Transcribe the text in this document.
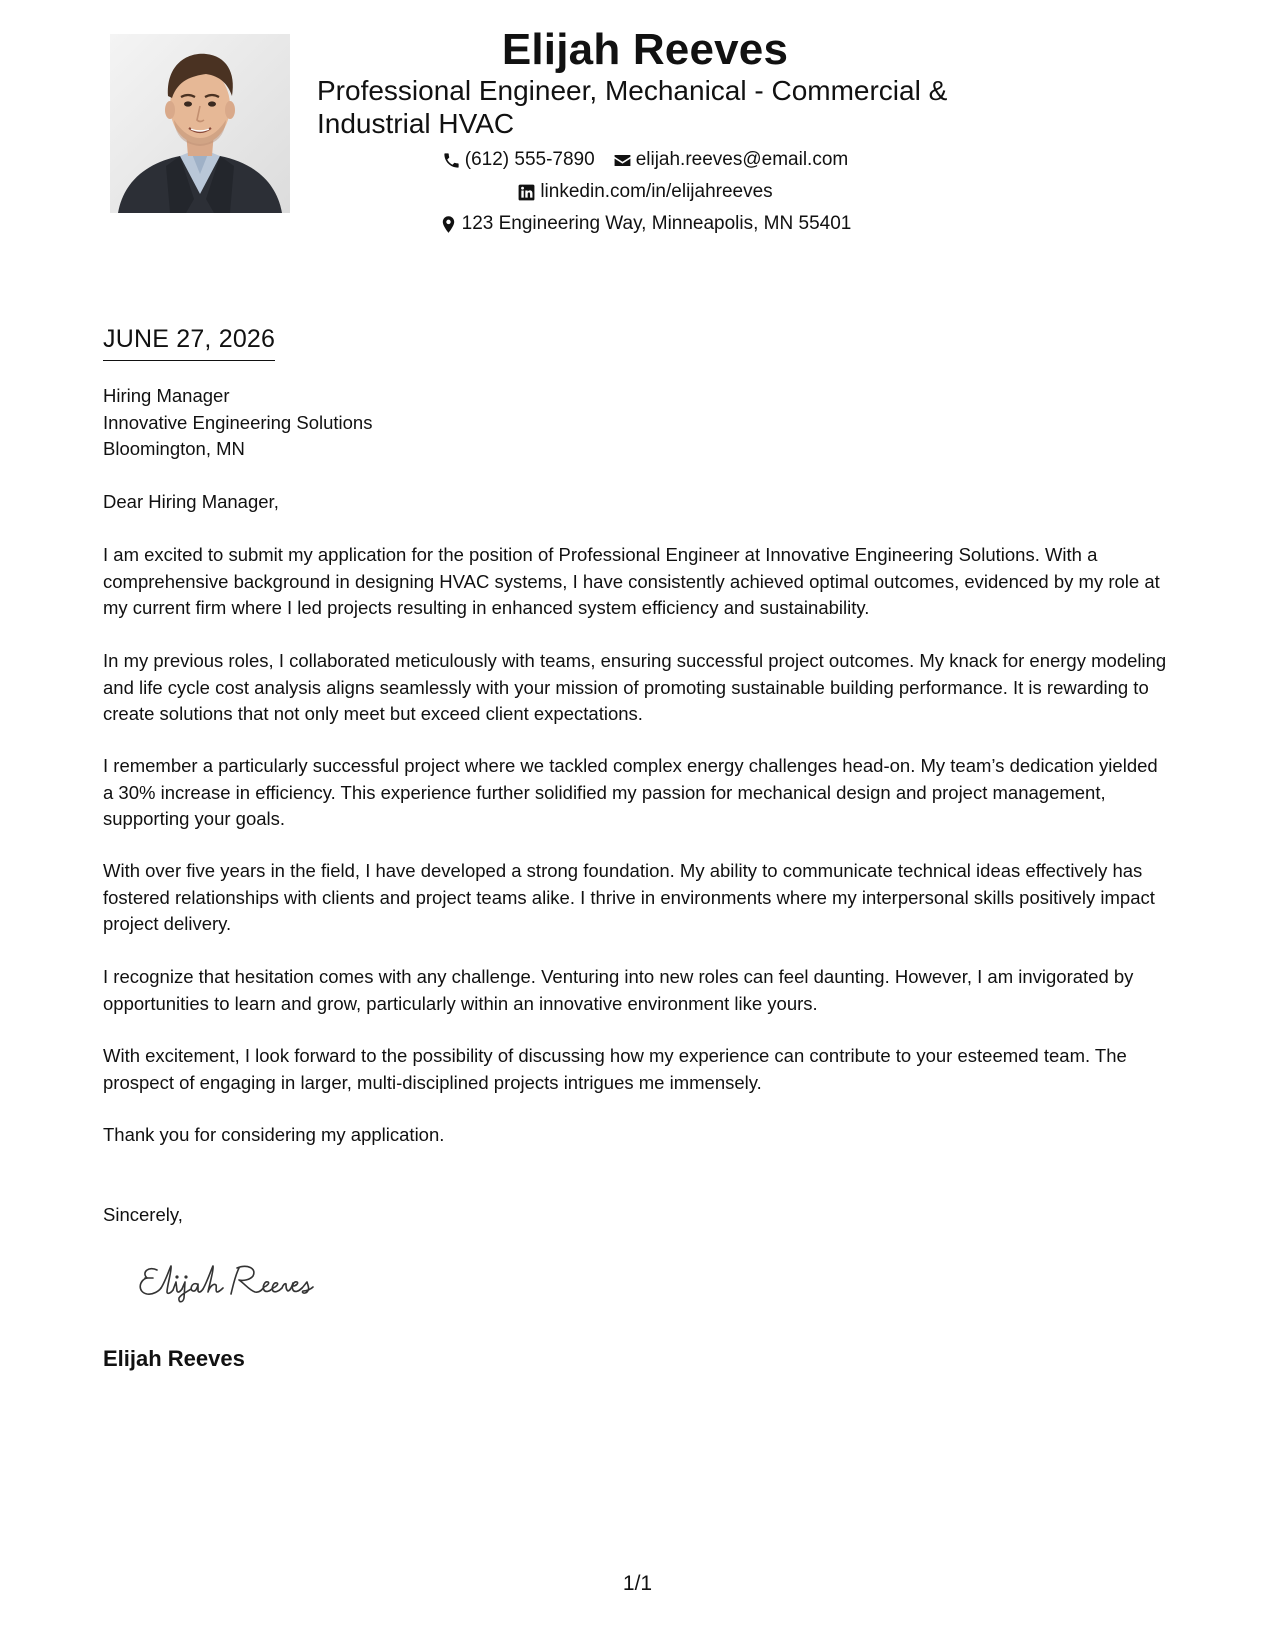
Elijah Reeves
Professional Engineer, Mechanical - Commercial & Industrial HVAC
(612) 555-7890 elijah.reeves@email.com
linkedin.com/in/elijahreeves
123 Engineering Way, Minneapolis, MN 55401
JUNE 27, 2026
Hiring Manager
Innovative Engineering Solutions
Bloomington, MN

Dear Hiring Manager,

I am excited to submit my application for the position of Professional Engineer at Innovative Engineering Solutions. With a comprehensive background in designing HVAC systems, I have consistently achieved optimal outcomes, evidenced by my role at my current firm where I led projects resulting in enhanced system efficiency and sustainability.

In my previous roles, I collaborated meticulously with teams, ensuring successful project outcomes. My knack for energy modeling and life cycle cost analysis aligns seamlessly with your mission of promoting sustainable building performance. It is rewarding to create solutions that not only meet but exceed client expectations.

I remember a particularly successful project where we tackled complex energy challenges head-on. My team’s dedication yielded a 30% increase in efficiency. This experience further solidified my passion for mechanical design and project management, supporting your goals.

With over five years in the field, I have developed a strong foundation. My ability to communicate technical ideas effectively has fostered relationships with clients and project teams alike. I thrive in environments where my interpersonal skills positively impact project delivery.

I recognize that hesitation comes with any challenge. Venturing into new roles can feel daunting. However, I am invigorated by opportunities to learn and grow, particularly within an innovative environment like yours.

With excitement, I look forward to the possibility of discussing how my experience can contribute to your esteemed team. The prospect of engaging in larger, multi-disciplined projects intrigues me immensely.

Thank you for considering my application.

Sincerely,

Elijah Reeves
1/1
